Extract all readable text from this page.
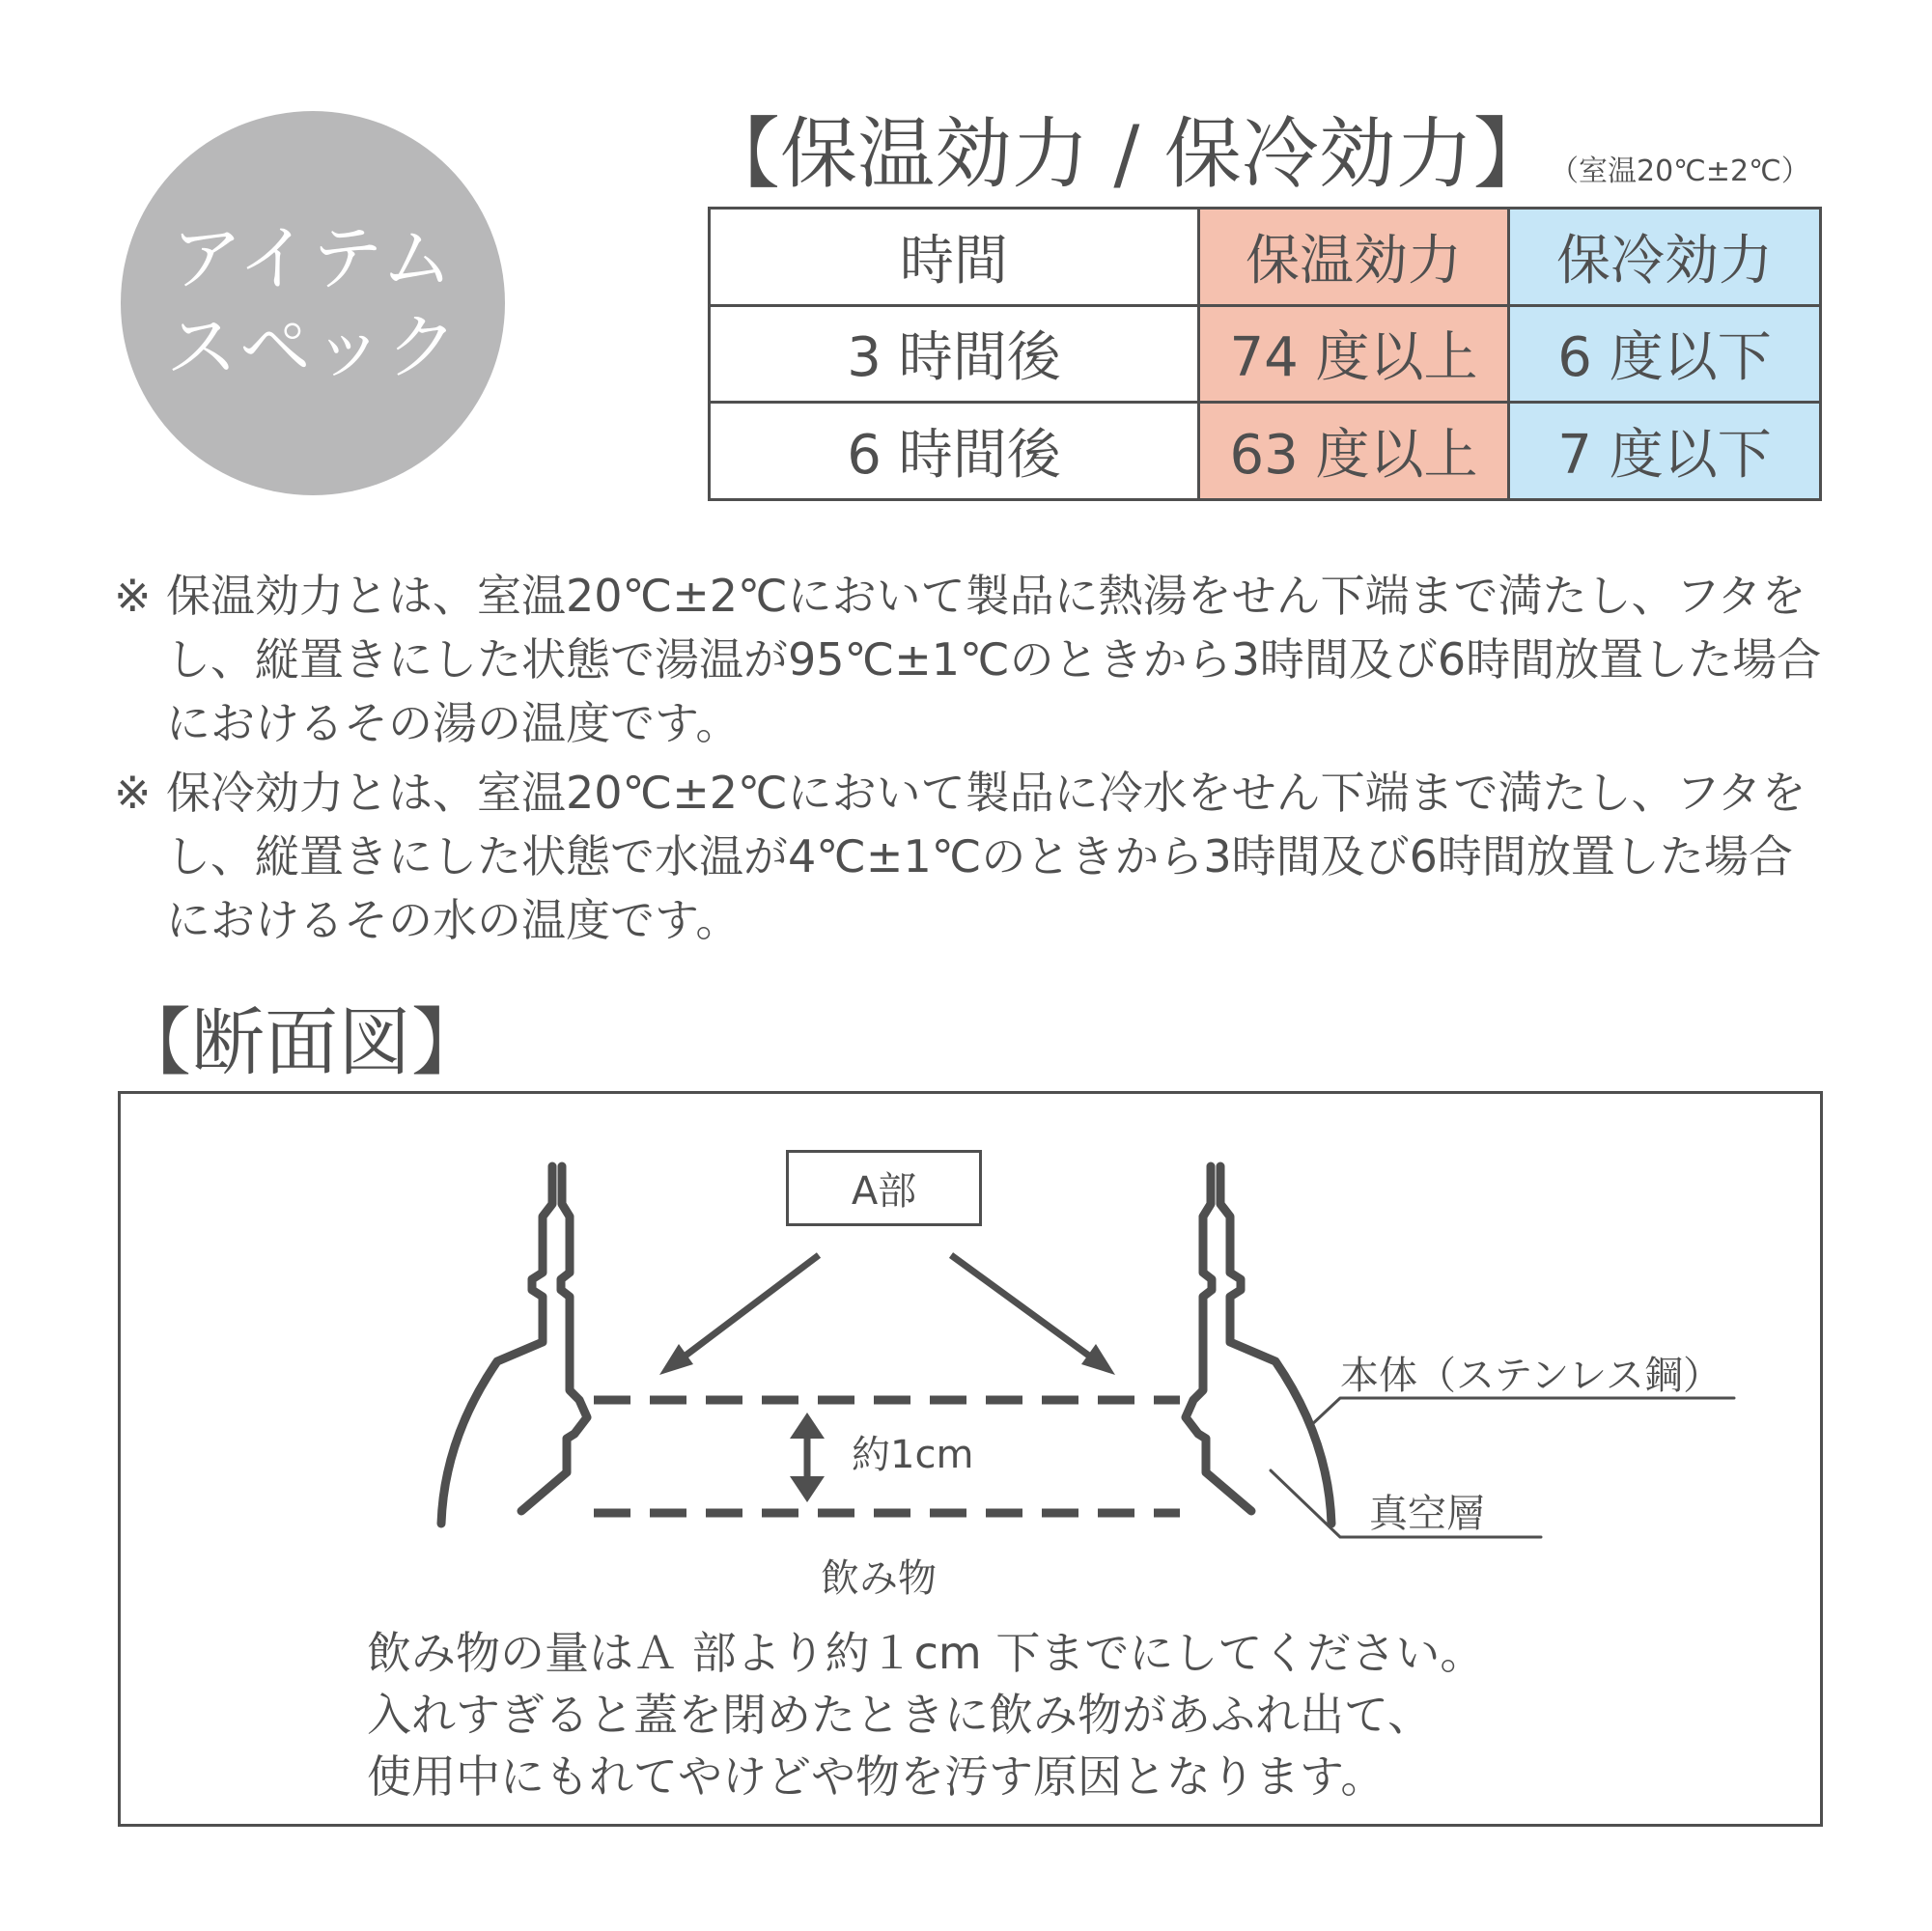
アイテム
スペック
【保温効力 / 保冷効力】 （室温20℃±2℃）
時間	保温効力	保冷効力
3 時間後	74 度以上	6 度以下
6 時間後	63 度以上	7 度以下
※ 保温効力とは、室温20℃±2℃において製品に熱湯をせん下端まで満たし、フタをし、縦置きにした状態で湯温が95℃±1℃のときから3時間及び6時間放置した場合におけるその湯の温度です。
※ 保冷効力とは、室温20℃±2℃において製品に冷水をせん下端まで満たし、フタをし、縦置きにした状態で水温が4℃±1℃のときから3時間及び6時間放置した場合におけるその水の温度です。
【断面図】
A部
約1cm
本体（ステンレス鋼）
真空層
飲み物
飲み物の量はＡ 部より約１cm 下までにしてください。
入れすぎると蓋を閉めたときに飲み物があふれ出て、
使用中にもれてやけどや物を汚す原因となります。
